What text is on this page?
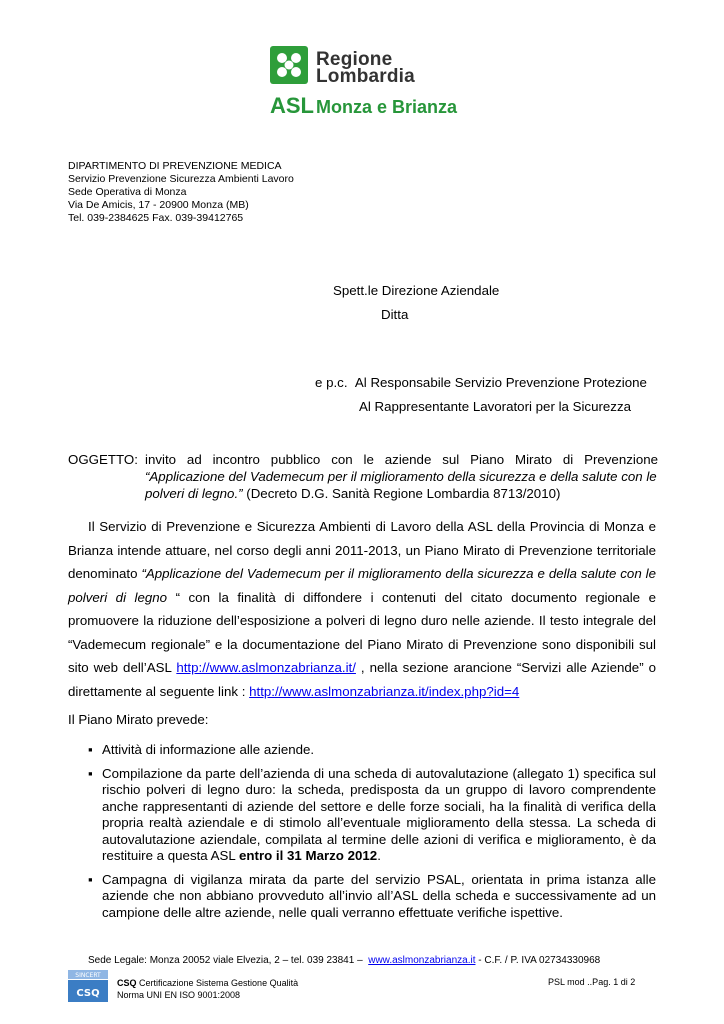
Regione
Lombardia
ASL Monza e Brianza
DIPARTIMENTO DI PREVENZIONE MEDICA
Servizio Prevenzione Sicurezza Ambienti Lavoro
Sede Operativa di Monza
Via De Amicis, 17 - 20900 Monza (MB)
Tel. 039-2384625 Fax. 039-39412765
Spett.le Direzione Aziendale
Ditta
e p.c. Al Responsabile Servizio Prevenzione Protezione
Al Rappresentante Lavoratori per la Sicurezza
OGGETTO: invito ad incontro pubblico con le aziende sul Piano Mirato di Prevenzione
“Applicazione del Vademecum per il miglioramento della sicurezza e della salute con le polveri di legno.” (Decreto D.G. Sanità Regione Lombardia 8713/2010)
Il Servizio di Prevenzione e Sicurezza Ambienti di Lavoro della ASL della Provincia di Monza e Brianza intende attuare, nel corso degli anni 2011-2013, un Piano Mirato di Prevenzione territoriale denominato “Applicazione del Vademecum per il miglioramento della sicurezza e della salute con le polveri di legno “ con la finalità di diffondere i contenuti del citato documento regionale e promuovere la riduzione dell’esposizione a polveri di legno duro nelle aziende. Il testo integrale del “Vademecum regionale” e la documentazione del Piano Mirato di Prevenzione sono disponibili sul sito web dell’ASL http://www.aslmonzabrianza.it/ , nella sezione arancione “Servizi alle Aziende” o direttamente al seguente link : http://www.aslmonzabrianza.it/index.php?id=4
Il Piano Mirato prevede:
▪ Attività di informazione alle aziende.
▪ Compilazione da parte dell’azienda di una scheda di autovalutazione (allegato 1) specifica sul rischio polveri di legno duro: la scheda, predisposta da un gruppo di lavoro comprendente anche rappresentanti di aziende del settore e delle forze sociali, ha la finalità di verifica della propria realtà aziendale e di stimolo all’eventuale miglioramento della stessa. La scheda di autovalutazione aziendale, compilata al termine delle azioni di verifica e miglioramento, è da restituire a questa ASL entro il 31 Marzo 2012.
▪ Campagna di vigilanza mirata da parte del servizio PSAL, orientata in prima istanza alle aziende che non abbiano provveduto all’invio all’ASL della scheda e successivamente ad un campione delle altre aziende, nelle quali verranno effettuate verifiche ispettive.
Sede Legale: Monza 20052 viale Elvezia, 2 – tel. 039 23841 – www.aslmonzabrianza.it - C.F. / P. IVA 02734330968
SINCERT
CSQ
CSQ Certificazione Sistema Gestione Qualità
Norma UNI EN ISO 9001:2008
PSL mod ..Pag. 1 di 2
